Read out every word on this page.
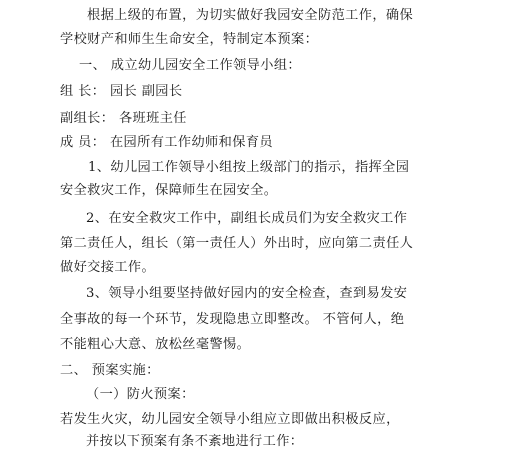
根据上级的布置，为切实做好我园安全防范工作，确保
学校财产和师生生命安全，特制定本预案：
一、 成立幼儿园安全工作领导小组：
组 长： 园长 副园长
副组长： 各班班主任
成 员： 在园所有工作幼师和保育员
1、幼儿园工作领导小组按上级部门的指示，指挥全园
安全救灾工作，保障师生在园安全。
2、在安全救灾工作中，副组长成员们为安全救灾工作
第二责任人，组长（第一责任人）外出时，应向第二责任人
做好交接工作。
3、领导小组要坚持做好园内的安全检查，查到易发安
全事故的每一个环节，发现隐患立即整改。 不管何人，绝
不能粗心大意、放松丝毫警惕。
二、 预案实施：
（一）防火预案：
若发生火灾，幼儿园安全领导小组应立即做出积极反应，
并按以下预案有条不紊地进行工作：
